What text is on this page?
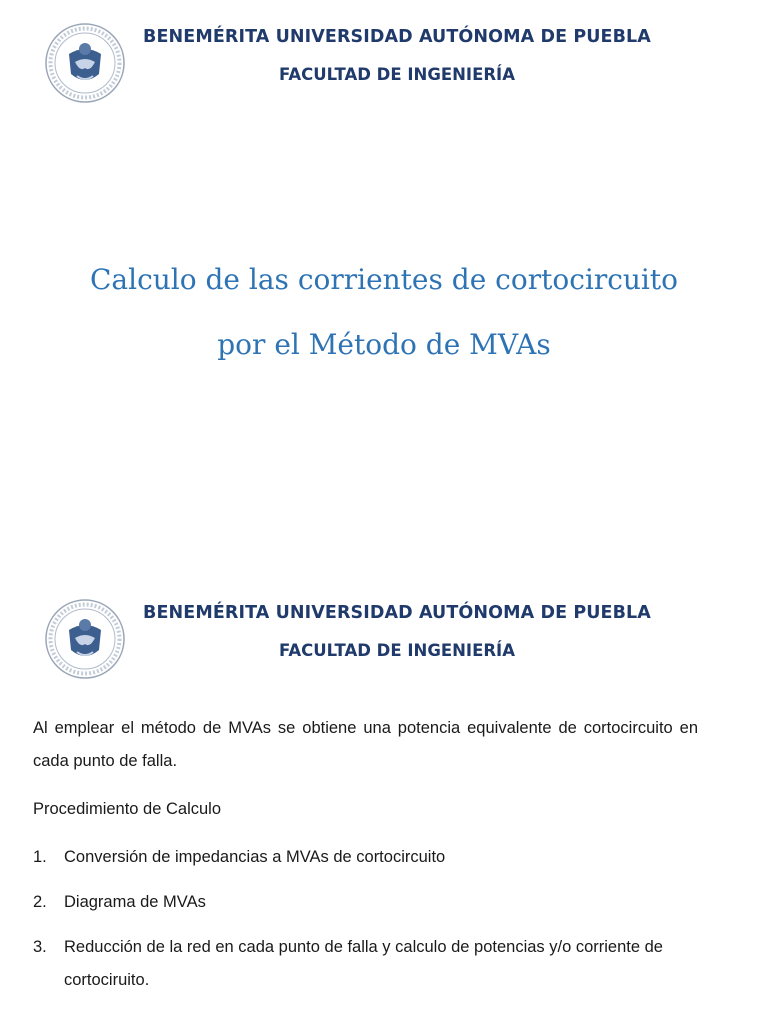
BENEMÉRITA UNIVERSIDAD AUTÓNOMA DE PUEBLA
FACULTAD DE INGENIERÍA
Calculo de las corrientes de cortocircuito
por el Método de MVAs
BENEMÉRITA UNIVERSIDAD AUTÓNOMA DE PUEBLA
FACULTAD DE INGENIERÍA
Al emplear el método de MVAs se obtiene una potencia equivalente de cortocircuito en cada punto de falla.
Procedimiento de Calculo
1. Conversión de impedancias a MVAs de cortocircuito
2. Diagrama de MVAs
3. Reducción de la red en cada punto de falla y calculo de potencias y/o corriente de cortociruito.
